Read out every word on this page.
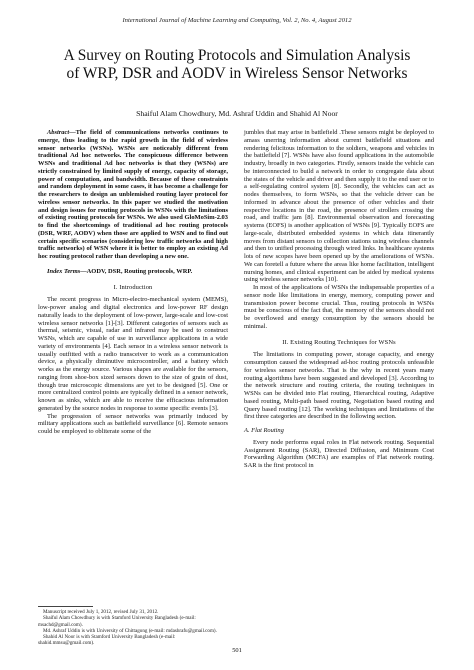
International Journal of Machine Learning and Computing, Vol. 2, No. 4, August 2012
A Survey on Routing Protocols and Simulation Analysis
of WRP, DSR and AODV in Wireless Sensor Networks
Shaiful Alam Chowdhury, Md. Ashraf Uddin and Shahid Al Noor

Abstract—The field of communications networks continues to emerge, thus leading to the rapid growth in the field of wireless sensor networks (WSNs). WSNs are noticeably different from traditional Ad hoc networks. The conspicuous difference between WSNs and traditional Ad hoc networks is that they (WSNs) are strictly constrained by limited supply of energy, capacity of storage, power of computation, and bandwidth. Because of these constraints and random deployment in some cases, it has become a challenge for the researchers to design an unblemished routing layer protocol for wireless sensor networks. In this paper we studied the motivation and design issues for routing protocols in WSNs with the limitations of existing routing protocols for WSNs. We also used GloMoSim-2.03 to find the shortcomings of traditional ad hoc routing protocols (DSR, WRF, AODV) when those are applied to WSN and to find out certain specific scenarios (considering low traffic networks and high traffic networks) of WSN where it is better to employ an existing Ad hoc routing protocol rather than developing a new one.

Index Terms—AODV, DSR, Routing protocols, WRP.

I. Introduction

The recent progress in Micro-electro-mechanical system (MEMS), low-power analog and digital electronics and low-power RF design naturally leads to the deployment of low-power, large-scale and low-cost wireless sensor networks [1]-[3]. Different categories of sensors such as thermal, seismic, visual, radar and infrared may be used to construct WSNs, which are capable of use in surveillance applications in a wide variety of environments [4]. Each sensor in a wireless sensor network is usually outfitted with a radio transceiver to work as a communication device, a physically diminutive microcontroller, and a battery which works as the energy source. Various shapes are available for the sensors, ranging from shoe-box sized sensors down to the size of grain of dust, though true microscopic dimensions are yet to be designed [5]. One or more centralized control points are typically defined in a sensor network, known as sinks, which are able to receive the efficacious information generated by the source nodes in response to some specific events [3].

The progression of sensor networks was primarily induced by military applications such as battlefield surveillance [6]. Remote sensors could be employed to obliterate some of the

jumbles that may arise in battlefield .These sensors might be deployed to amass unerring information about current battlefield situations and rendering felicitous information to the soldiers, weapons and vehicles in the battlefield [7]. WSNs have also found applications in the automobile industry, broadly in two categories. Firstly, sensors inside the vehicle can be interconnected to build a network in order to congregate data about the states of the vehicle and driver and then supply it to the end user or to a self-regulating control system [8]. Secondly, the vehicles can act as nodes themselves, to form WSNs, so that the vehicle driver can be informed in advance about the presence of other vehicles and their respective locations in the road, the presence of strollers crossing the road, and traffic jam [8]. Environmental observation and forecasting systems (EOFS) is another application of WSNs [9]. Typically EOFS are large-scale, distributed embedded systems in which data itinerantly moves from distant sensors to collection stations using wireless channels and then to unified processing through wired links. In healthcare systems lots of new scopes have been opened up by the ameliorations of WSNs. We can foretell a future where the areas like home facilitation, intelligent nursing homes, and clinical experiment can be aided by medical systems using wireless sensor networks [10].

In most of the applications of WSNs the indispensable properties of a sensor node like limitations in energy, memory, computing power and transmission power become crucial. Thus, routing protocols in WSNs must be conscious of the fact that, the memory of the sensors should not be overflowed and energy consumption by the sensors should be minimal.

II. Existing Routing Techniques for WSNs

The limitations in computing power, storage capacity, and energy consumption caused the widespread ad-hoc routing protocols unfeasible for wireless sensor networks. That is the why in recent years many routing algorithms have been suggested and developed [3]. According to the network structure and routing criteria, the routing techniques in WSNs can be divided into Flat routing, Hierarchical routing, Adaptive based routing, Multi-path based routing, Negotiation based routing and Query based routing [12]. The working techniques and limitations of the first three categories are described in the following section.

A. Flat Routing

Every node performs equal roles in Flat network routing. Sequential Assignment Routing (SAR), Directed Diffusion, and Minimum Cost Forwarding Algorithm (MCFA) are examples of Flat network routing. SAR is the first protocol in

Manuscript received July 1, 2012, revised July 31, 2012.

Shaiful Alam Chowdhury is with Stamford University Bangladesh (e-mail: msachd@gmail.com).

Md. Ashraf Uddin is with University of Chittagong (e-mail: mdashrafu@gmail.com).

Shahid Al Noor is with Stamford University Bangladesh (e-mail: shahid.mmsu@gmail.com).

501
